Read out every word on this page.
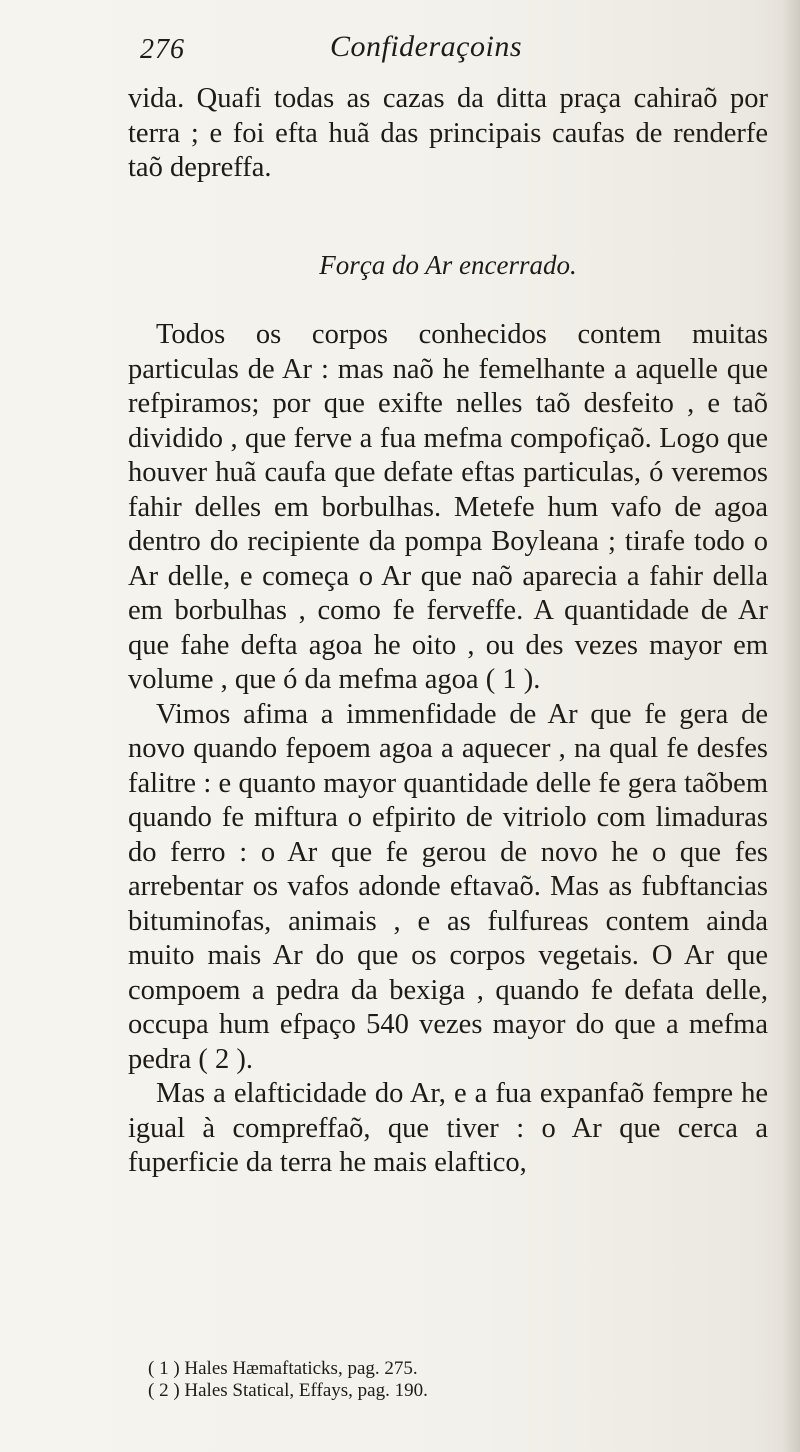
276	Confideraçoins

vida. Quafi todas as cazas da ditta praça cahiraõ por terra ; e foi efta huã das principais caufas de renderfe taõ depreffa.

Força do Ar encerrado.

Todos os corpos conhecidos contem muitas particulas de Ar : mas naõ he femelhante a aquelle que refpiramos; por que exifte nelles taõ desfeito , e taõ dividido , que ferve a fua mefma compofiçaõ. Logo que houver huã caufa que defate eftas particulas, ó veremos fahir delles em borbulhas. Metefe hum vafo de agoa dentro do recipiente da pompa Boyleana ; tirafe todo o Ar delle, e começa o Ar que naõ aparecia a fahir della em borbulhas , como fe ferveffe. A quantidade de Ar que fahe defta agoa he oito , ou des vezes mayor em volume , que ó da mefma agoa ( 1 ).

Vimos afima a immenfidade de Ar que fe gera de novo quando fepoem agoa a aquecer , na qual fe desfes falitre : e quanto mayor quantidade delle fe gera taõbem quando fe miftura o efpirito de vitriolo com limaduras do ferro : o Ar que fe gerou de novo he o que fes arrebentar os vafos adonde eftavaõ. Mas as fubftancias bituminofas, animais , e as fulfureas contem ainda muito mais Ar do que os corpos vegetais. O Ar que compoem a pedra da bexiga , quando fe defata delle, occupa hum efpaço 540 vezes mayor do que a mefma pedra ( 2 ).

Mas a elafticidade do Ar, e a fua expanfaõ fempre he igual à compreffaõ, que tiver : o Ar que cerca a fuperficie da terra he mais elaftico,

( 1 ) Hales Hæmaftaticks, pag. 275.

( 2 ) Hales Statical, Effays, pag. 190.
